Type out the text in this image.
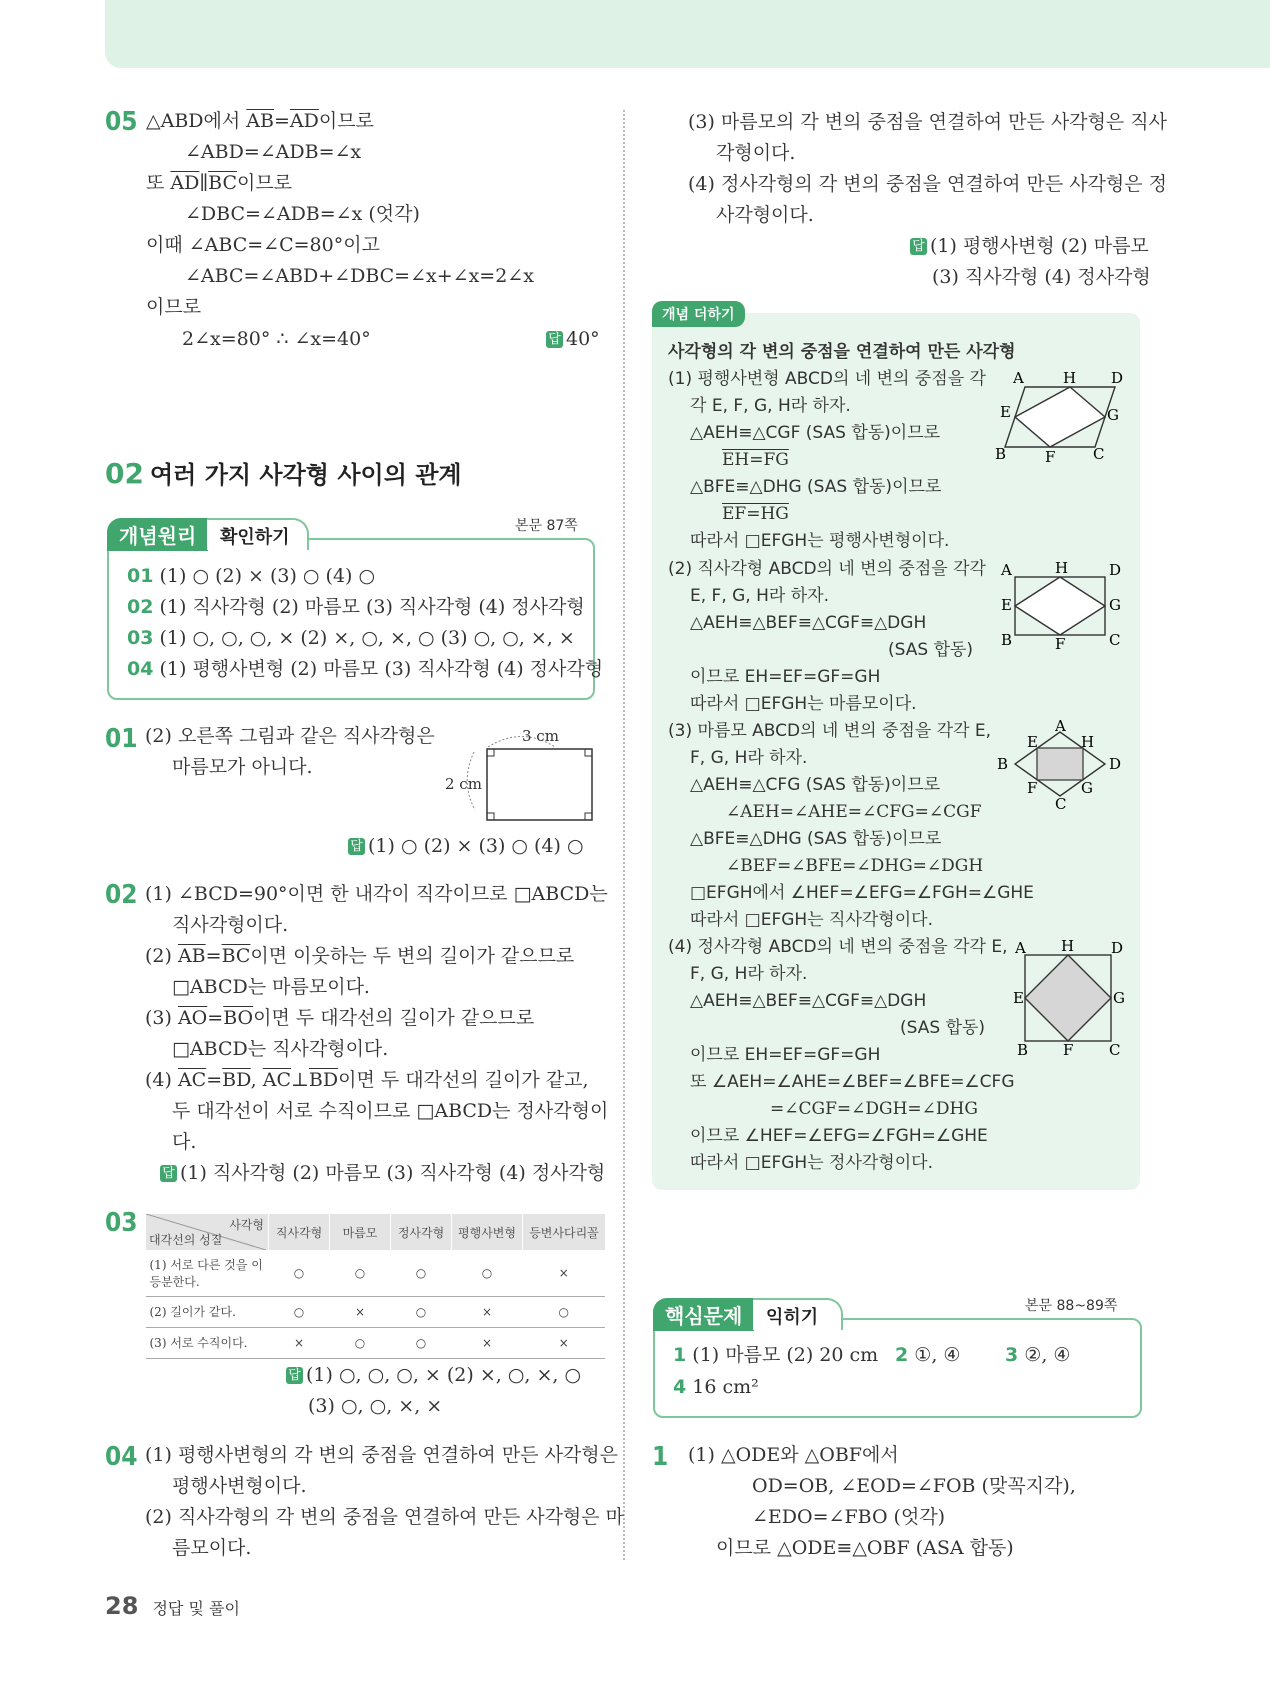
05 △ABD에서 $\overline{AB}=\overline{AD}$이므로
∠ABD=∠ADB=∠x
또 $\overline{AD}\parallel\overline{BC}$이므로
∠DBC=∠ADB=∠x (엇각)
이때 ∠ABC=∠C=80°이고
∠ABC=∠ABD+∠DBC=∠x+∠x=2∠x
이므로
2∠x=80° ∴ ∠x=40°	답 40°
02 여러 가지 사각형 사이의 관계
개념원리	확인하기
본문 87쪽
01 (1) ○ (2) × (3) ○ (4) ○
02 (1) 직사각형 (2) 마름모 (3) 직사각형 (4) 정사각형
03 (1) ○, ○, ○, × (2) ×, ○, ×, ○ (3) ○, ○, ×, ×
04 (1) 평행사변형 (2) 마름모 (3) 직사각형 (4) 정사각형
01 (2) 오른쪽 그림과 같은 직사각형은
마름모가 아니다.
3 cm
2 cm
답 (1) ○ (2) × (3) ○ (4) ○
02 (1) ∠BCD=90°이면 한 내각이 직각이므로 □ABCD는
직사각형이다.
(2) $\overline{AB}=\overline{BC}$이면 이웃하는 두 변의 길이가 같으므로
□ABCD는 마름모이다.
(3) $\overline{AO}=\overline{BO}$이면 두 대각선의 길이가 같으므로
□ABCD는 직사각형이다.
(4) $\overline{AC}=\overline{BD}$, $\overline{AC}\perp\overline{BD}$이면 두 대각선의 길이가 같고,
두 대각선이 서로 수직이므로 □ABCD는 정사각형이
다.
답 (1) 직사각형 (2) 마름모 (3) 직사각형 (4) 정사각형
03	사각형
대각선의 성질	직사각형	마름모	정사각형	평행사변형	등변사다리꼴
(1) 서로 다른 것을 이등분한다.	○	○	○	○	×
(2) 길이가 같다.	○	×	○	×	○
(3) 서로 수직이다.	×	○	○	×	×
답 (1) ○, ○, ○, × (2) ×, ○, ×, ○
(3) ○, ○, ×, ×
04 (1) 평행사변형의 각 변의 중점을 연결하여 만든 사각형은
평행사변형이다.
(2) 직사각형의 각 변의 중점을 연결하여 만든 사각형은 마
름모이다.
(3) 마름모의 각 변의 중점을 연결하여 만든 사각형은 직사
각형이다.
(4) 정사각형의 각 변의 중점을 연결하여 만든 사각형은 정
사각형이다.
답 (1) 평행사변형 (2) 마름모
(3) 직사각형 (4) 정사각형
개념 더하기
사각형의 각 변의 중점을 연결하여 만든 사각형
(1) 평행사변형 ABCD의 네 변의 중점을 각
각 E, F, G, H라 하자.
△AEH≡△CGF (SAS 합동)이므로
EH=FG
△BFE≡△DHG (SAS 합동)이므로
EF=HG
따라서 □EFGH는 평행사변형이다.
A	H D
E	G
B	F	C
(2) 직사각형 ABCD의 네 변의 중점을 각각
E, F, G, H라 하자.
△AEH≡△BEF≡△CGF≡△DGH
(SAS 합동)
이므로 EH=EF=GF=GH
따라서 □EFGH는 마름모이다.
A	H	D
E	G
B	F	C
(3) 마름모 ABCD의 네 변의 중점을 각각 E,
F, G, H라 하자.
△AEH≡△CFG (SAS 합동)이므로
∠AEH=∠AHE=∠CFG=∠CGF
△BFE≡△DHG (SAS 합동)이므로
∠BEF=∠BFE=∠DHG=∠DGH
□EFGH에서 ∠HEF=∠EFG=∠FGH=∠GHE
따라서 □EFGH는 직사각형이다.
A
E	H
B	D
F	G
C
(4) 정사각형 ABCD의 네 변의 중점을 각각 E,
F, G, H라 하자.
△AEH≡△BEF≡△CGF≡△DGH
(SAS 합동)
이므로 EH=EF=GF=GH
또 ∠AEH=∠AHE=∠BEF=∠BFE=∠CFG
=∠CGF=∠DGH=∠DHG
이므로 ∠HEF=∠EFG=∠FGH=∠GHE
따라서 □EFGH는 정사각형이다.
A H D
E	G
B F C
핵심문제	익히기
본문 88~89쪽
1 (1) 마름모 (2) 20 cm 2 ①, ④ 3 ②, ④
4 16 cm²
1 (1) △ODE와 △OBF에서
OD=OB, ∠EOD=∠FOB (맞꼭지각),
∠EDO=∠FBO (엇각)
이므로 △ODE≡△OBF (ASA 합동)
28 정답 및 풀이
